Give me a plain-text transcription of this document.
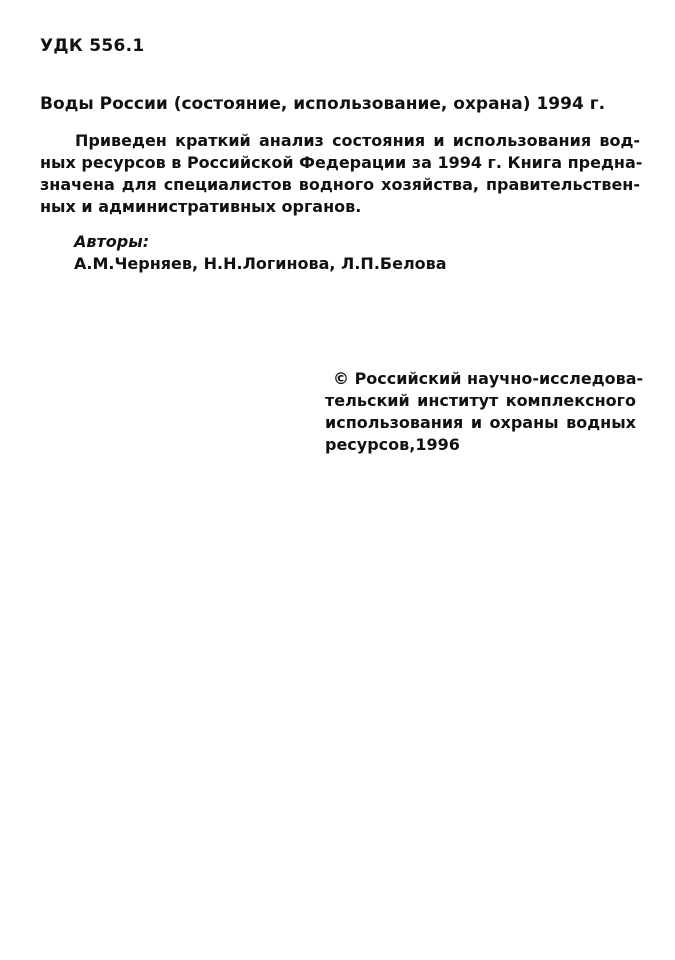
УДК 556.1

Воды России (состояние, использование, охрана) 1994 г.

Приведен краткий анализ состояния и использования вод-
ных ресурсов в Российской Федерации за 1994 г. Книга предна-
значена для специалистов водного хозяйства, правительствен-
ных и административных органов.

Авторы:

А.М.Черняев, Н.Н.Логинова, Л.П.Белова

© Российский научно-исследова-
тельский институт комплексного
использования и охраны водных
ресурсов,1996
